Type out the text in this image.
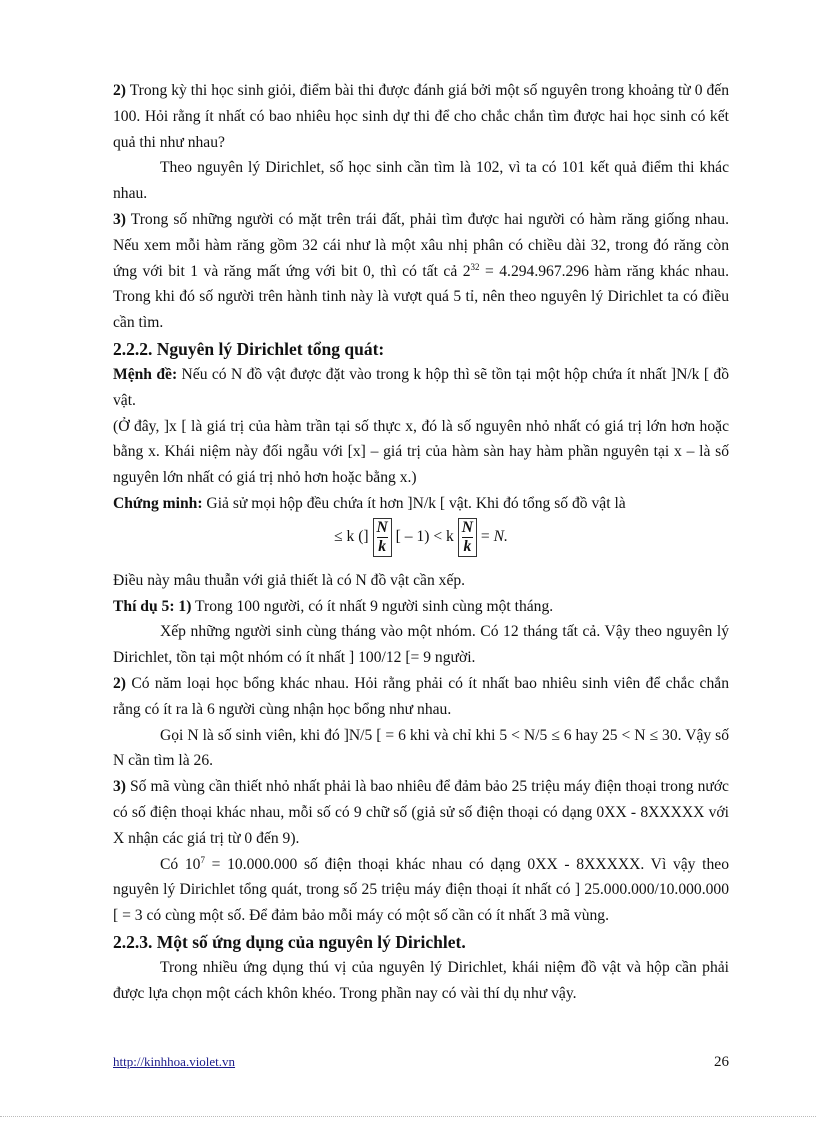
2) Trong kỳ thi học sinh giỏi, điểm bài thi được đánh giá bởi một số nguyên trong khoảng từ 0 đến 100. Hỏi rằng ít nhất có bao nhiêu học sinh dự thi để cho chắc chắn tìm được hai học sinh có kết quả thi như nhau?

Theo nguyên lý Dirichlet, số học sinh cần tìm là 102, vì ta có 101 kết quả điểm thi khác nhau.

3) Trong số những người có mặt trên trái đất, phải tìm được hai người có hàm răng giống nhau. Nếu xem mỗi hàm răng gồm 32 cái như là một xâu nhị phân có chiều dài 32, trong đó răng còn ứng với bit 1 và răng mất ứng với bit 0, thì có tất cả $2^{32} = 4.294.967.296$ hàm răng khác nhau. Trong khi đó số người trên hành tinh này là vượt quá 5 tỉ, nên theo nguyên lý Dirichlet ta có điều cần tìm.

2.2.2. Nguyên lý Dirichlet tổng quát:

Mệnh đề: Nếu có N đồ vật được đặt vào trong k hộp thì sẽ tồn tại một hộp chứa ít nhất ]N/k [ đồ vật.

(Ở đây, ]x [ là giá trị của hàm trần tại số thực x, đó là số nguyên nhỏ nhất có giá trị lớn hơn hoặc bằng x. Khái niệm này đối ngẫu với [x] – giá trị của hàm sàn hay hàm phần nguyên tại x – là số nguyên lớn nhất có giá trị nhỏ hơn hoặc bằng x.)

Chứng minh: Giả sử mọi hộp đều chứa ít hơn ]N/k [ vật. Khi đó tổng số đồ vật là

≤ k (] $\frac{N}{k}$ [ – 1) < k $\frac{N}{k} = N$.

Điều này mâu thuẫn với giả thiết là có N đồ vật cần xếp.

Thí dụ 5: 1) Trong 100 người, có ít nhất 9 người sinh cùng một tháng.

Xếp những người sinh cùng tháng vào một nhóm. Có 12 tháng tất cả. Vậy theo nguyên lý Dirichlet, tồn tại một nhóm có ít nhất ] 100/12 [= 9 người.

2) Có năm loại học bổng khác nhau. Hỏi rằng phải có ít nhất bao nhiêu sinh viên để chắc chắn rằng có ít ra là 6 người cùng nhận học bổng như nhau.

Gọi N là số sinh viên, khi đó ]N/5 [ = 6 khi và chỉ khi 5 < N/5 ≤ 6 hay 25 < N ≤ 30. Vậy số N cần tìm là 26.

3) Số mã vùng cần thiết nhỏ nhất phải là bao nhiêu để đảm bảo 25 triệu máy điện thoại trong nước có số điện thoại khác nhau, mỗi số có 9 chữ số (giả sử số điện thoại có dạng 0XX - 8XXXXX với X nhận các giá trị từ 0 đến 9).

Có $10^7 = 10.000.000$ số điện thoại khác nhau có dạng 0XX - 8XXXXX. Vì vậy theo nguyên lý Dirichlet tổng quát, trong số 25 triệu máy điện thoại ít nhất có ] 25.000.000/10.000.000 [ = 3 có cùng một số. Để đảm bảo mỗi máy có một số cần có ít nhất 3 mã vùng.

2.2.3. Một số ứng dụng của nguyên lý Dirichlet.

Trong nhiều ứng dụng thú vị của nguyên lý Dirichlet, khái niệm đồ vật và hộp cần phải được lựa chọn một cách khôn khéo. Trong phần nay có vài thí dụ như vậy.

http://kinhhoa.violet.vn	26
